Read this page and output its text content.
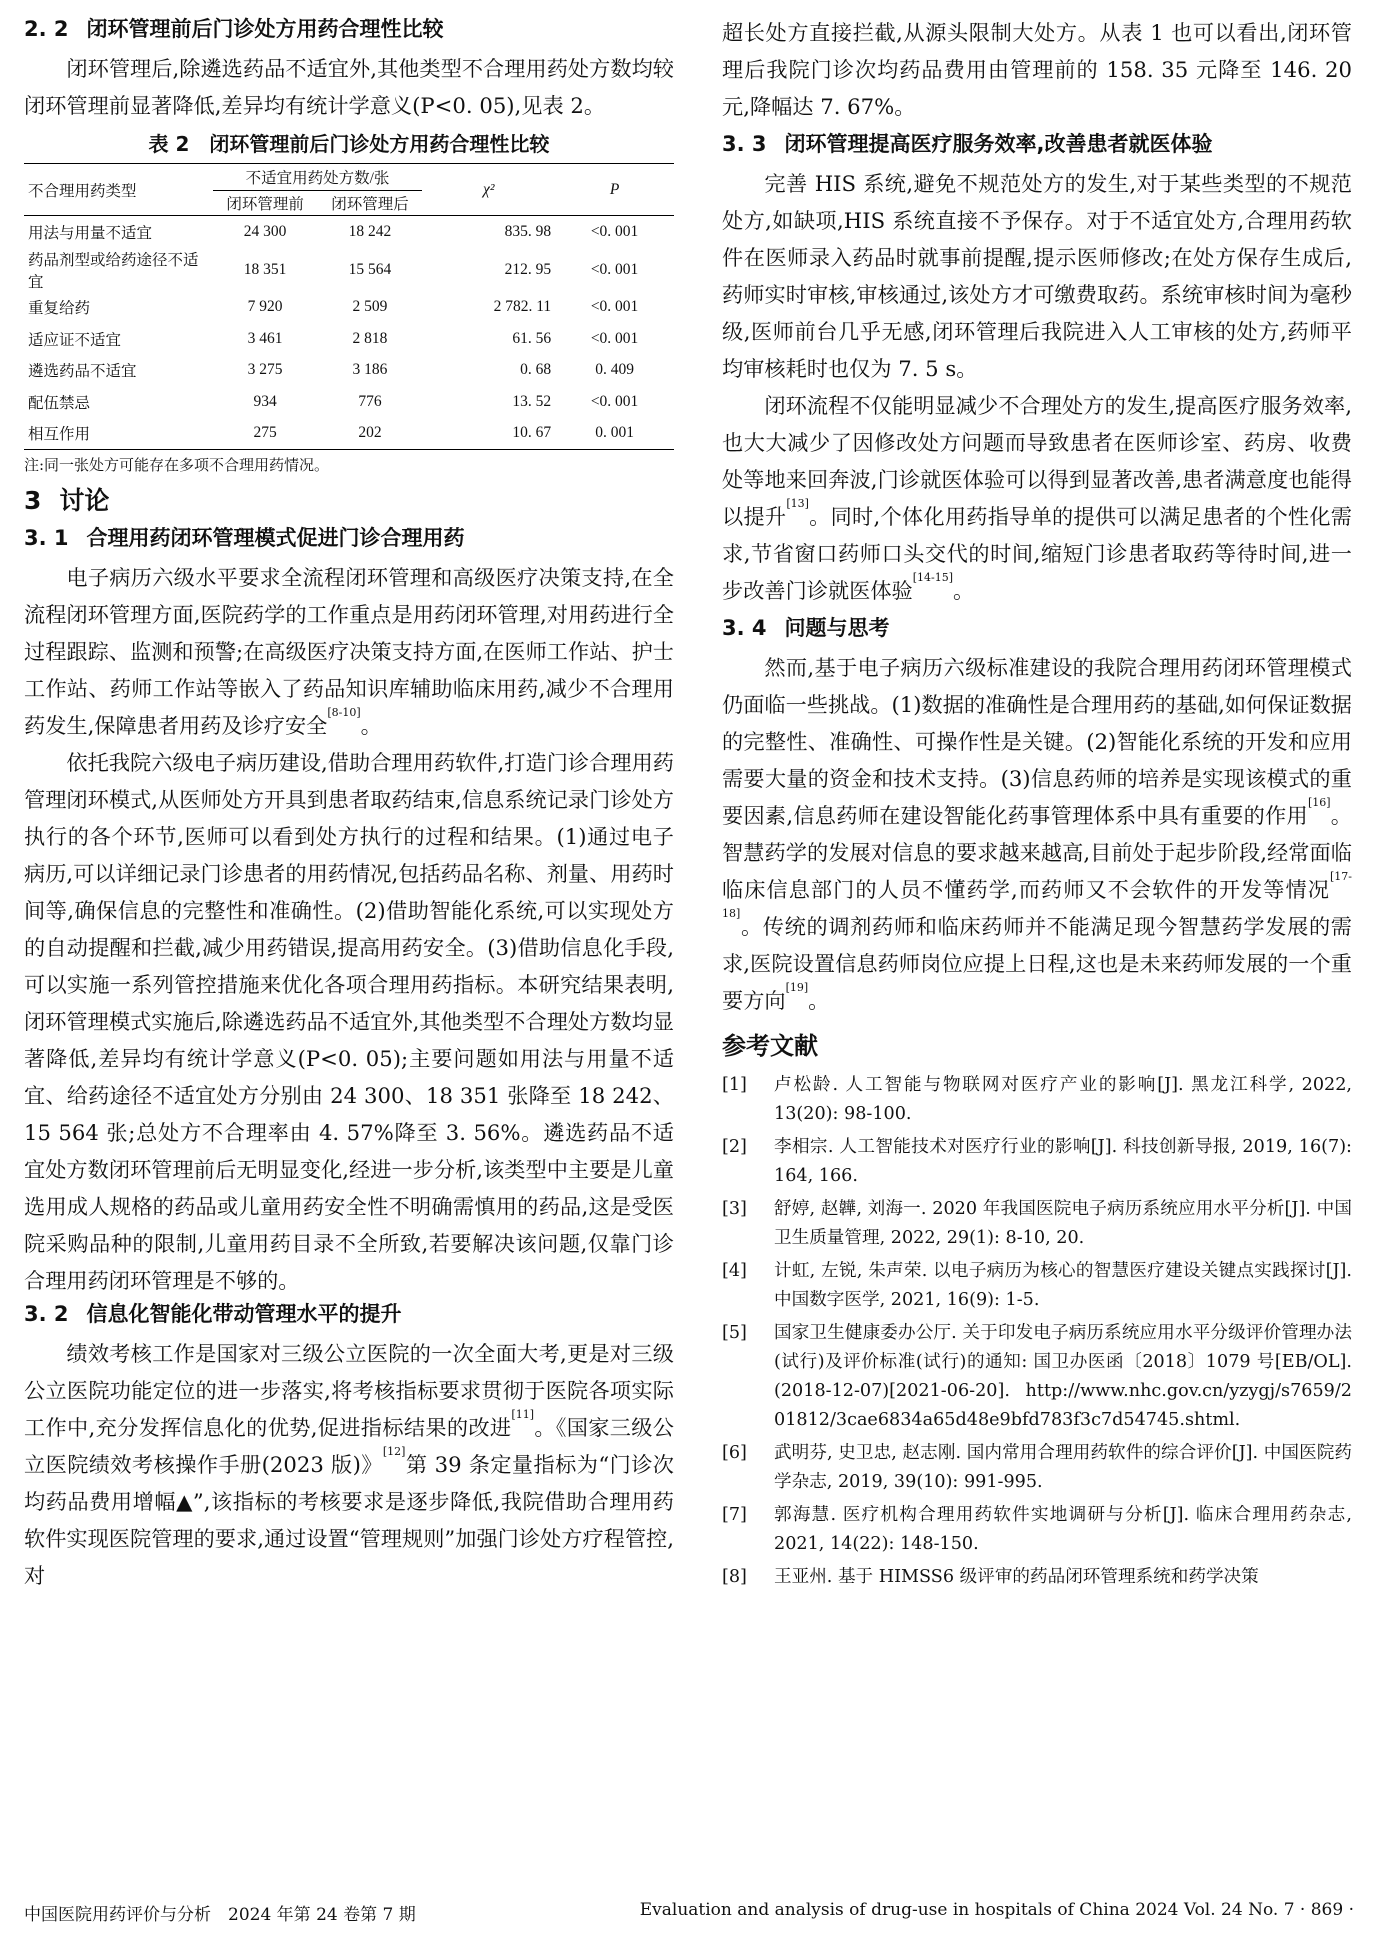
2. 2 闭环管理前后门诊处方用药合理性比较

闭环管理后,除遴选药品不适宜外,其他类型不合理用药处方数均较闭环管理前显著降低,差异均有统计学意义(P<0. 05),见表 2。

表 2　闭环管理前后门诊处方用药合理性比较
不合理用药类型	不适宜用药处方数/张		χ²	P
	闭环管理前	闭环管理后		
用法与用量不适宜	24 300	18 242	835. 98	<0. 001
药品剂型或给药途径不适宜	18 351	15 564	212. 95	<0. 001
重复给药	7 920	2 509	2 782. 11	<0. 001
适应证不适宜	3 461	2 818	61. 56	<0. 001
遴选药品不适宜	3 275	3 186	0. 68	0. 409
配伍禁忌	934	776	13. 52	<0. 001
相互作用	275	202	10. 67	0. 001
注:同一张处方可能存在多项不合理用药情况。
3 讨论
3. 1 合理用药闭环管理模式促进门诊合理用药

电子病历六级水平要求全流程闭环管理和高级医疗决策支持,在全流程闭环管理方面,医院药学的工作重点是用药闭环管理,对用药进行全过程跟踪、监测和预警;在高级医疗决策支持方面,在医师工作站、护士工作站、药师工作站等嵌入了药品知识库辅助临床用药,减少不合理用药发生,保障患者用药及诊疗安全[8-10]。

依托我院六级电子病历建设,借助合理用药软件,打造门诊合理用药管理闭环模式,从医师处方开具到患者取药结束,信息系统记录门诊处方执行的各个环节,医师可以看到处方执行的过程和结果。(1)通过电子病历,可以详细记录门诊患者的用药情况,包括药品名称、剂量、用药时间等,确保信息的完整性和准确性。(2)借助智能化系统,可以实现处方的自动提醒和拦截,减少用药错误,提高用药安全。(3)借助信息化手段,可以实施一系列管控措施来优化各项合理用药指标。本研究结果表明,闭环管理模式实施后,除遴选药品不适宜外,其他类型不合理处方数均显著降低,差异均有统计学意义(P<0. 05);主要问题如用法与用量不适宜、给药途径不适宜处方分别由 24 300、18 351 张降至 18 242、15 564 张;总处方不合理率由 4. 57%降至 3. 56%。遴选药品不适宜处方数闭环管理前后无明显变化,经进一步分析,该类型中主要是儿童选用成人规格的药品或儿童用药安全性不明确需慎用的药品,这是受医院采购品种的限制,儿童用药目录不全所致,若要解决该问题,仅靠门诊合理用药闭环管理是不够的。

3. 2 信息化智能化带动管理水平的提升

绩效考核工作是国家对三级公立医院的一次全面大考,更是对三级公立医院功能定位的进一步落实,将考核指标要求贯彻于医院各项实际工作中,充分发挥信息化的优势,促进指标结果的改进[11]。《国家三级公立医院绩效考核操作手册(2023 版)》[12]第 39 条定量指标为“门诊次均药品费用增幅▲”,该指标的考核要求是逐步降低,我院借助合理用药软件实现医院管理的要求,通过设置“管理规则”加强门诊处方疗程管控,对

超长处方直接拦截,从源头限制大处方。从表 1 也可以看出,闭环管理后我院门诊次均药品费用由管理前的 158. 35 元降至 146. 20 元,降幅达 7. 67%。

3. 3 闭环管理提高医疗服务效率,改善患者就医体验

完善 HIS 系统,避免不规范处方的发生,对于某些类型的不规范处方,如缺项,HIS 系统直接不予保存。对于不适宜处方,合理用药软件在医师录入药品时就事前提醒,提示医师修改;在处方保存生成后,药师实时审核,审核通过,该处方才可缴费取药。系统审核时间为毫秒级,医师前台几乎无感,闭环管理后我院进入人工审核的处方,药师平均审核耗时也仅为 7. 5 s。

闭环流程不仅能明显减少不合理处方的发生,提高医疗服务效率,也大大减少了因修改处方问题而导致患者在医师诊室、药房、收费处等地来回奔波,门诊就医体验可以得到显著改善,患者满意度也能得以提升[13]。同时,个体化用药指导单的提供可以满足患者的个性化需求,节省窗口药师口头交代的时间,缩短门诊患者取药等待时间,进一步改善门诊就医体验[14-15]。

3. 4 问题与思考

然而,基于电子病历六级标准建设的我院合理用药闭环管理模式仍面临一些挑战。(1)数据的准确性是合理用药的基础,如何保证数据的完整性、准确性、可操作性是关键。(2)智能化系统的开发和应用需要大量的资金和技术支持。(3)信息药师的培养是实现该模式的重要因素,信息药师在建设智能化药事管理体系中具有重要的作用[16]。智慧药学的发展对信息的要求越来越高,目前处于起步阶段,经常面临临床信息部门的人员不懂药学,而药师又不会软件的开发等情况[17-18]。传统的调剂药师和临床药师并不能满足现今智慧药学发展的需求,医院设置信息药师岗位应提上日程,这也是未来药师发展的一个重要方向[19]。

参考文献
[1]	卢松龄. 人工智能与物联网对医疗产业的影响[J]. 黑龙江科学, 2022, 13(20): 98-100.
[2]	李相宗. 人工智能技术对医疗行业的影响[J]. 科技创新导报, 2019, 16(7): 164, 166.
[3]	舒婷, 赵韡, 刘海一. 2020 年我国医院电子病历系统应用水平分析[J]. 中国卫生质量管理, 2022, 29(1): 8-10, 20.
[4]	计虹, 左锐, 朱声荣. 以电子病历为核心的智慧医疗建设关键点实践探讨[J]. 中国数字医学, 2021, 16(9): 1-5.
[5]	国家卫生健康委办公厅. 关于印发电子病历系统应用水平分级评价管理办法(试行)及评价标准(试行)的通知: 国卫办医函〔2018〕1079 号[EB/OL]. (2018-12-07)[2021-06-20]. http://www.nhc.gov.cn/yzygj/s7659/201812/3cae6834a65d48e9bfd783f3c7d54745.shtml.
[6]	武明芬, 史卫忠, 赵志刚. 国内常用合理用药软件的综合评价[J]. 中国医院药学杂志, 2019, 39(10): 991-995.
[7]	郭海慧. 医疗机构合理用药软件实地调研与分析[J]. 临床合理用药杂志, 2021, 14(22): 148-150.
[8]	王亚州. 基于 HIMSS6 级评审的药品闭环管理系统和药学决策
中国医院用药评价与分析　2024 年第 24 卷第 7 期	Evaluation and analysis of drug-use in hospitals of China 2024 Vol. 24 No. 7 · 869 ·
